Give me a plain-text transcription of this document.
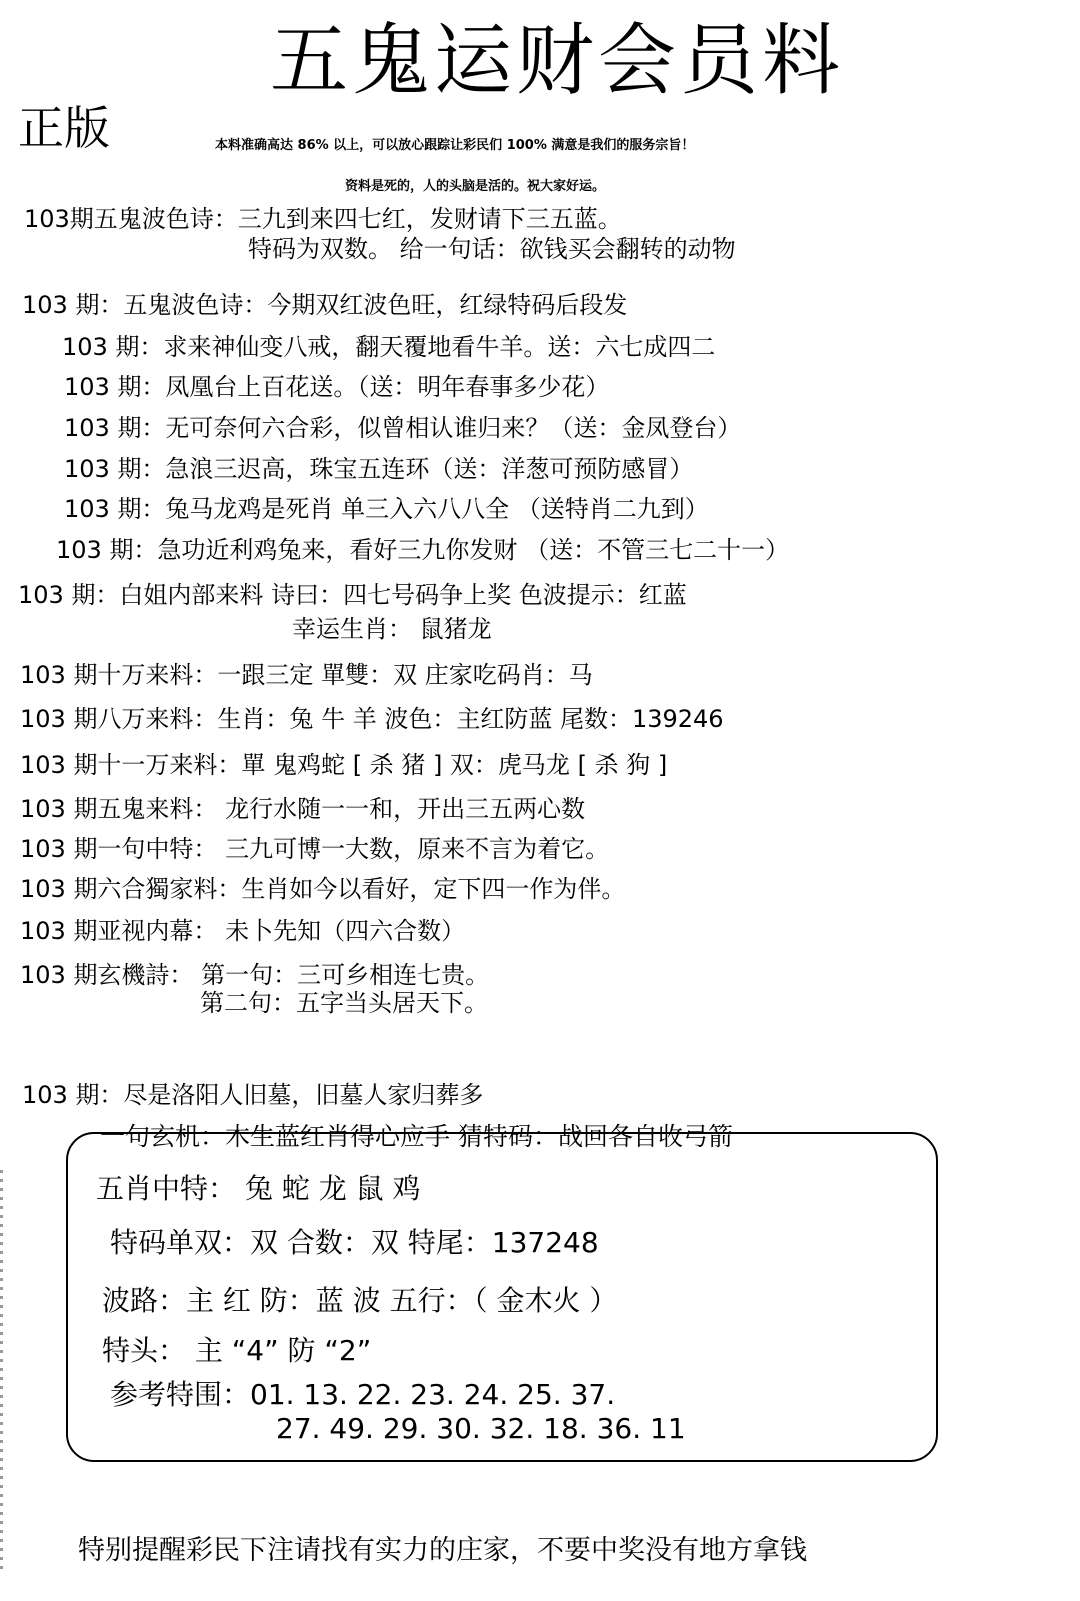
五鬼运财会员料
正版	本料准确高达 86% 以上，可以放心跟踪让彩民们 100% 满意是我们的服务宗旨！
资料是死的，人的头脑是活的。祝大家好运。
103期五鬼波色诗：三九到来四七红，发财请下三五蓝。
特码为双数。 给一句话：欲钱买会翻转的动物
103 期：五鬼波色诗：今期双红波色旺，红绿特码后段发
103 期：求来神仙变八戒，翻天覆地看牛羊。送：六七成四二
103 期：凤凰台上百花送。（送：明年春事多少花）
103 期：无可奈何六合彩，似曾相认谁归来？（送：金凤登台）
103 期：急浪三迟高，珠宝五连环（送：洋葱可预防感冒）
103 期：兔马龙鸡是死肖 单三入六八八全 （送特肖二九到）
103 期：急功近利鸡兔来，看好三九你发财 （送：不管三七二十一）
103 期：白姐内部来料 诗曰：四七号码争上奖 色波提示：红蓝
幸运生肖： 鼠猪龙
103 期十万来料：一跟三定 單雙：双 庄家吃码肖：马
103 期八万来料：生肖：兔 牛 羊 波色：主红防蓝 尾数：139246
103 期十一万来料：單 鬼鸡蛇 [ 杀 猪 ] 双：虎马龙 [ 杀 狗 ]
103 期五鬼来料： 龙行水随一一和，开出三五两心数
103 期一句中特： 三九可博一大数，原来不言为着它。
103 期六合獨家料：生肖如今以看好，定下四一作为伴。
103 期亚视内幕： 未卜先知（四六合数）
103 期玄機詩： 第一句：三可乡相连七贵。
第二句：五字当头居天下。
103 期：尽是洛阳人旧墓，旧墓人家归葬多
一句玄机：木生蓝红肖得心应手 猜特码：战回各自收弓箭
五肖中特： 兔 蛇 龙 鼠 鸡
特码单双：双 合数：双 特尾：137248
波路：主 红 防：蓝 波 五行：（ 金木火 ）
特头： 主 “4” 防 “2”
参考特围：01. 13. 22. 23. 24. 25. 37.
27. 49. 29. 30. 32. 18. 36. 11
特别提醒彩民下注请找有实力的庄家，不要中奖没有地方拿钱
